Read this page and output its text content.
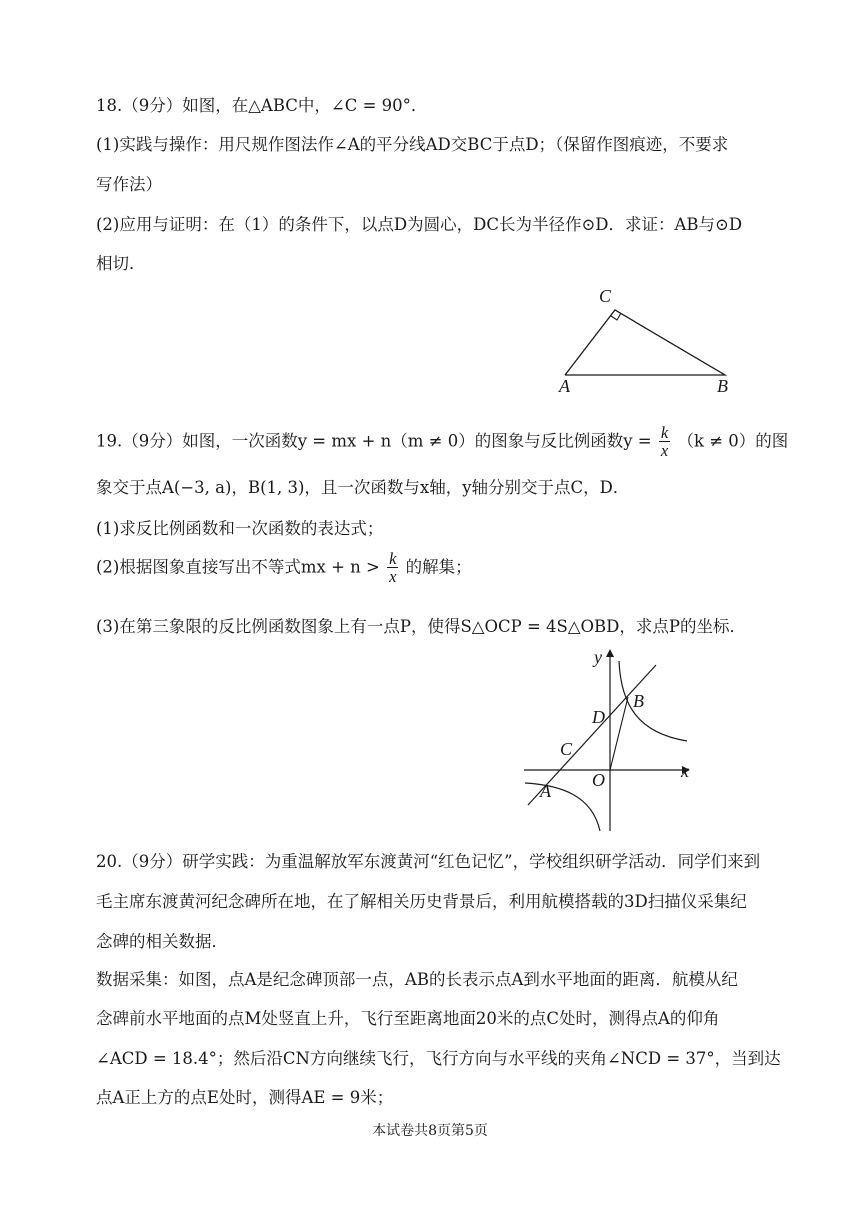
18.（9分）如图，在△ABC中，∠C = 90°．
(1)实践与操作：用尺规作图法作∠A的平分线AD交BC于点D；（保留作图痕迹，不要求
写作法）
(2)应用与证明：在（1）的条件下，以点D为圆心，DC长为半径作⊙D．求证：AB与⊙D
相切．
C
A	B
19.（9分）如图，一次函数y = mx + n（m ≠ 0）的图象与反比例函数$y = \frac{k}{x} (k \ne 0)$的图
象交于点A(−3, a)，B(1, 3)，且一次函数与x轴，y轴分别交于点C，D．
(1)求反比例函数和一次函数的表达式；
(2)根据图象直接写出不等式mx + $n > \frac{k}{x}$ 的解集；
(3)在第三象限的反比例函数图象上有一点P，使得S△OCP = 4S△OBD，求点P的坐标．
y
x
O
A
B
C
D
20.（9分）研学实践：为重温解放军东渡黄河“红色记忆”，学校组织研学活动．同学们来到
毛主席东渡黄河纪念碑所在地，在了解相关历史背景后，利用航模搭载的3D扫描仪采集纪
念碑的相关数据．
数据采集：如图，点A是纪念碑顶部一点，AB的长表示点A到水平地面的距离．航模从纪
念碑前水平地面的点M处竖直上升，飞行至距离地面20米的点C处时，测得点A的仰角
∠ACD = 18.4°；然后沿CN方向继续飞行，飞行方向与水平线的夹角∠NCD = 37°，当到达
点A正上方的点E处时，测得AE = 9米；
本试卷共8页第5页
